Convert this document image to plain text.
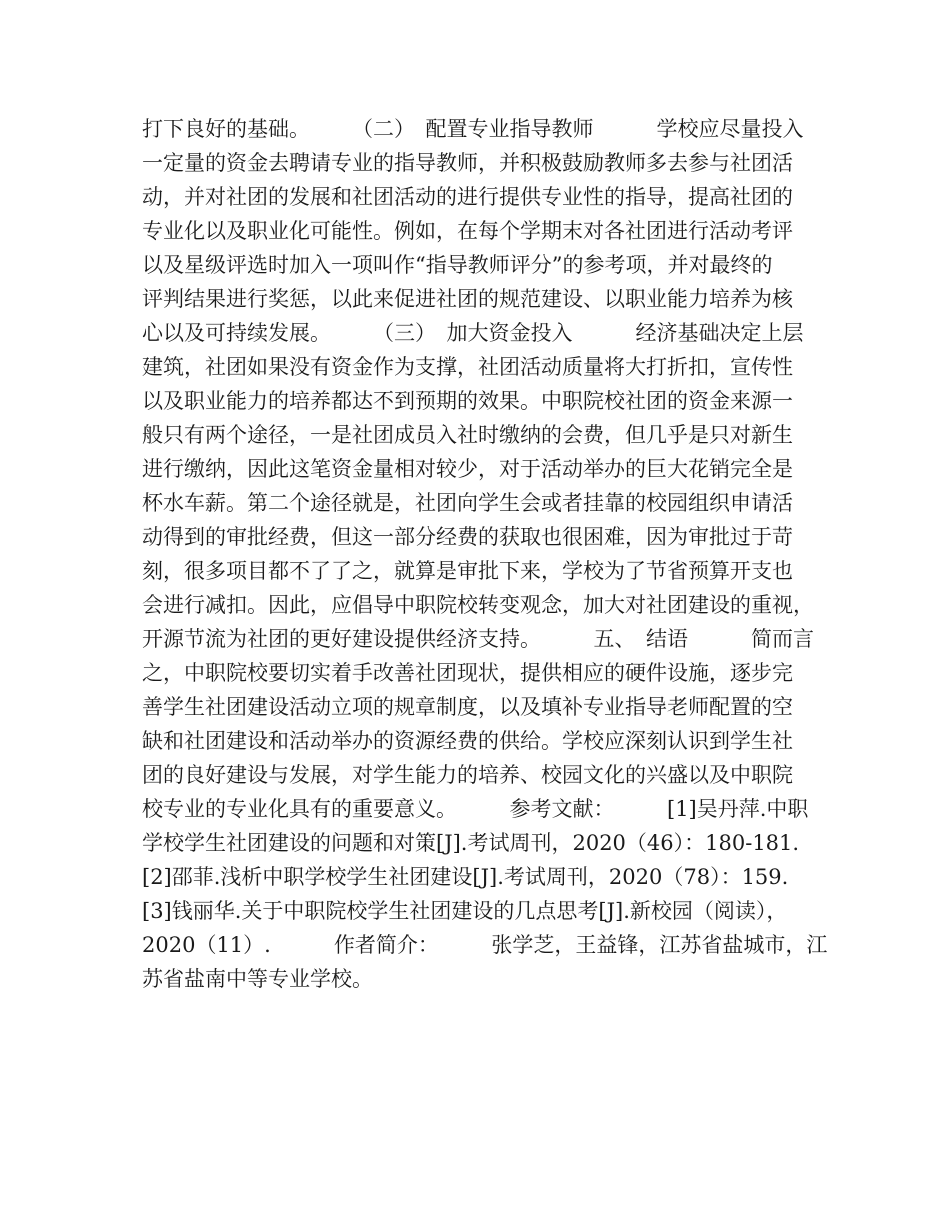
打下良好的基础。　　　（二）　配置专业指导教师　　　学校应尽量投入
一定量的资金去聘请专业的指导教师，并积极鼓励教师多去参与社团活
动，并对社团的发展和社团活动的进行提供专业性的指导，提高社团的
专业化以及职业化可能性。例如，在每个学期末对各社团进行活动考评
以及星级评选时加入一项叫作“指导教师评分”的参考项，并对最终的
评判结果进行奖惩，以此来促进社团的规范建设、以职业能力培养为核
心以及可持续发展。　　　（三）　加大资金投入　　　经济基础决定上层
建筑，社团如果没有资金作为支撑，社团活动质量将大打折扣，宣传性
以及职业能力的培养都达不到预期的效果。中职院校社团的资金来源一
般只有两个途径，一是社团成员入社时缴纳的会费，但几乎是只对新生
进行缴纳，因此这笔资金量相对较少，对于活动举办的巨大花销完全是
杯水车薪。第二个途径就是，社团向学生会或者挂靠的校园组织申请活
动得到的审批经费，但这一部分经费的获取也很困难，因为审批过于苛
刻，很多项目都不了了之，就算是审批下来，学校为了节省预算开支也
会进行减扣。因此，应倡导中职院校转变观念，加大对社团建设的重视，
开源节流为社团的更好建设提供经济支持。　　　五、　结语　　　简而言
之，中职院校要切实着手改善社团现状，提供相应的硬件设施，逐步完
善学生社团建设活动立项的规章制度，以及填补专业指导老师配置的空
缺和社团建设和活动举办的资源经费的供给。学校应深刻认识到学生社
团的良好建设与发展，对学生能力的培养、校园文化的兴盛以及中职院
校专业的专业化具有的重要意义。　　　参考文献：　　　[1]吴丹萍.中职
学校学生社团建设的问题和对策[J].考试周刊，2020（46）：180-181.
[2]邵菲.浅析中职学校学生社团建设[J].考试周刊，2020（78）：159.
[3]钱丽华.关于中职院校学生社团建设的几点思考[J].新校园（阅读），
2020（11）.　　　作者简介：　　　张学芝，王益锋，江苏省盐城市，江
苏省盐南中等专业学校。
